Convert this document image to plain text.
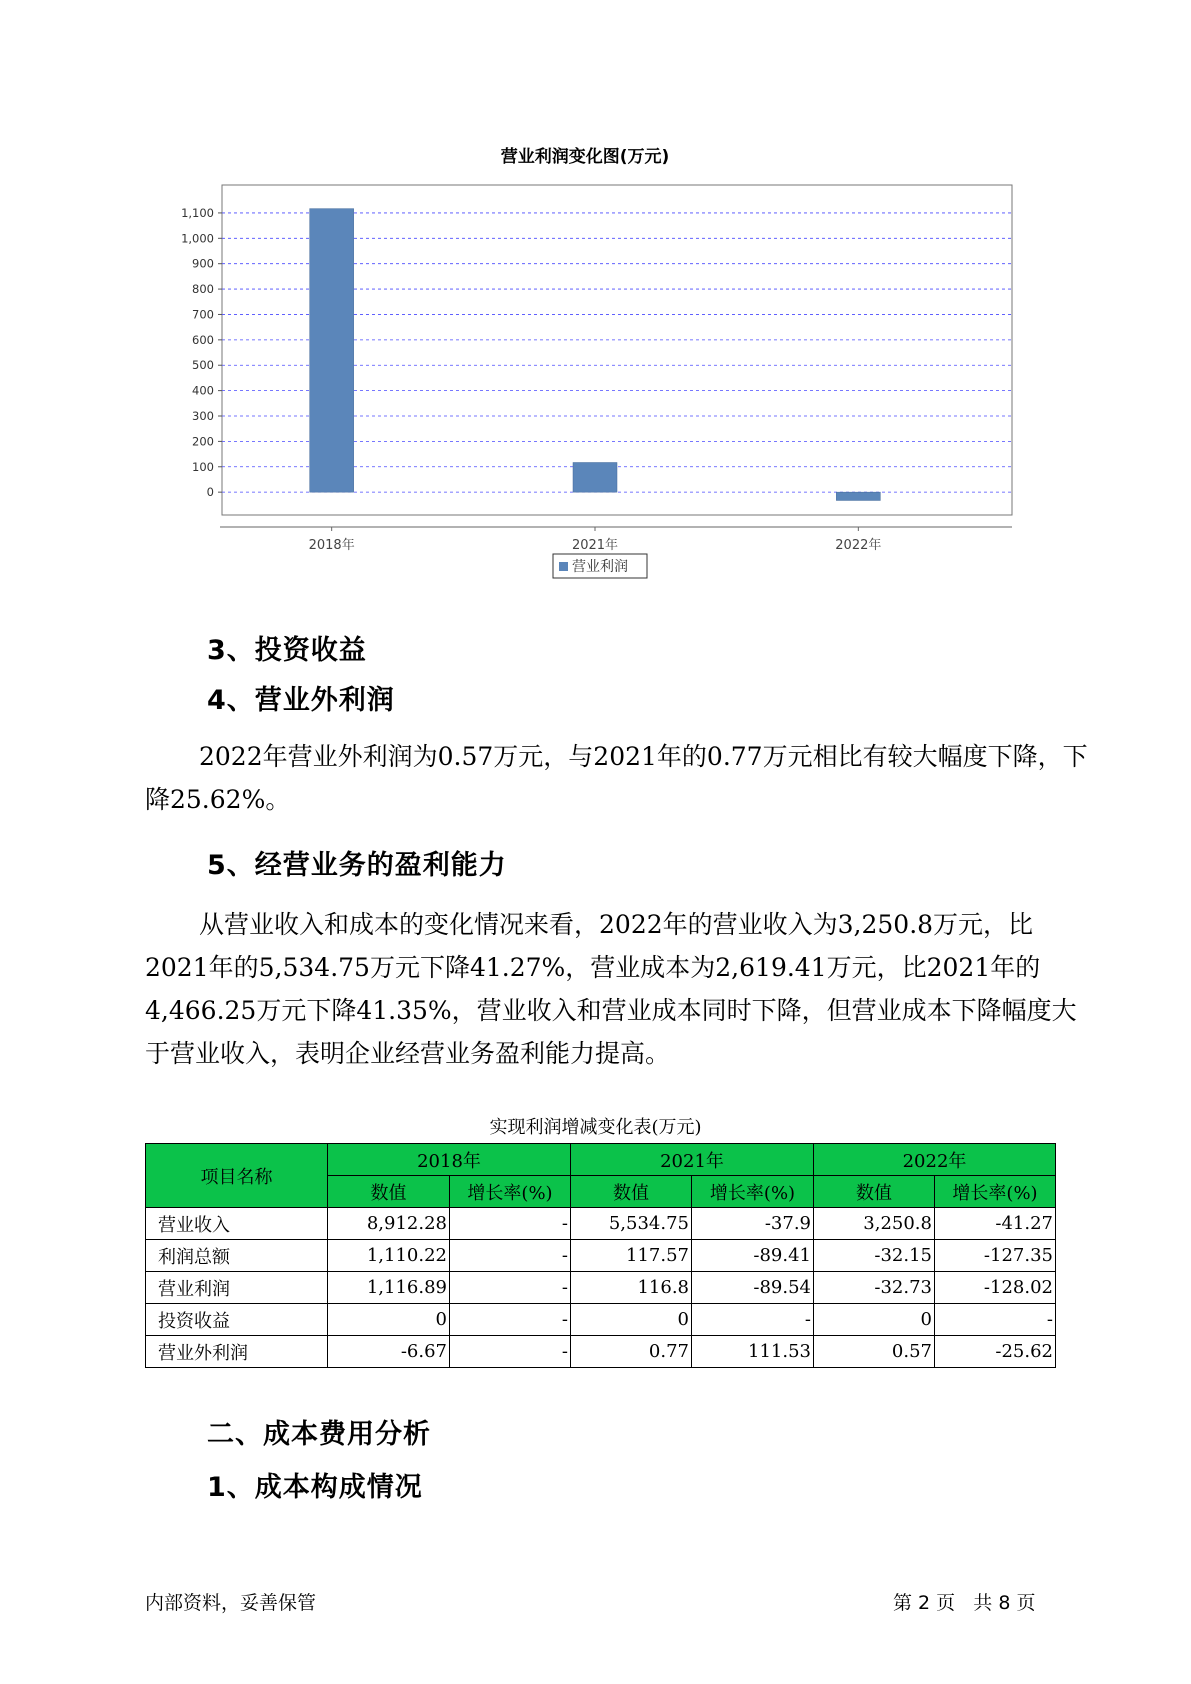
营业利润变化图(万元)
1,100
1,000
900
800
700
600
500
400
300
200
100
0
2018年	2021年	2022年
营业利润
3、投资收益
4、营业外利润

2022年营业外利润为0.57万元，与2021年的0.77万元相比有较大幅度下降，下降25.62%。

5、经营业务的盈利能力

从营业收入和成本的变化情况来看，2022年的营业收入为3,250.8万元，比2021年的5,534.75万元下降41.27%，营业成本为2,619.41万元，比2021年的4,466.25万元下降41.35%，营业收入和营业成本同时下降，但营业成本下降幅度大于营业收入，表明企业经营业务盈利能力提高。

实现利润增减变化表(万元)
项目名称	2018年		2021年		2022年	
	数值	增长率(%)	数值	增长率(%)	数值	增长率(%)
营业收入	8,912.28	-	5,534.75	-37.9	3,250.8	-41.27
利润总额	1,110.22	-	117.57	-89.41	-32.15	-127.35
营业利润	1,116.89	-	116.8	-89.54	-32.73	-128.02
投资收益	0	-	0	-	0	-
营业外利润	-6.67	-	0.77	111.53	0.57	-25.62
二、成本费用分析
1、成本构成情况
内部资料，妥善保管	第 2 页   共 8 页
